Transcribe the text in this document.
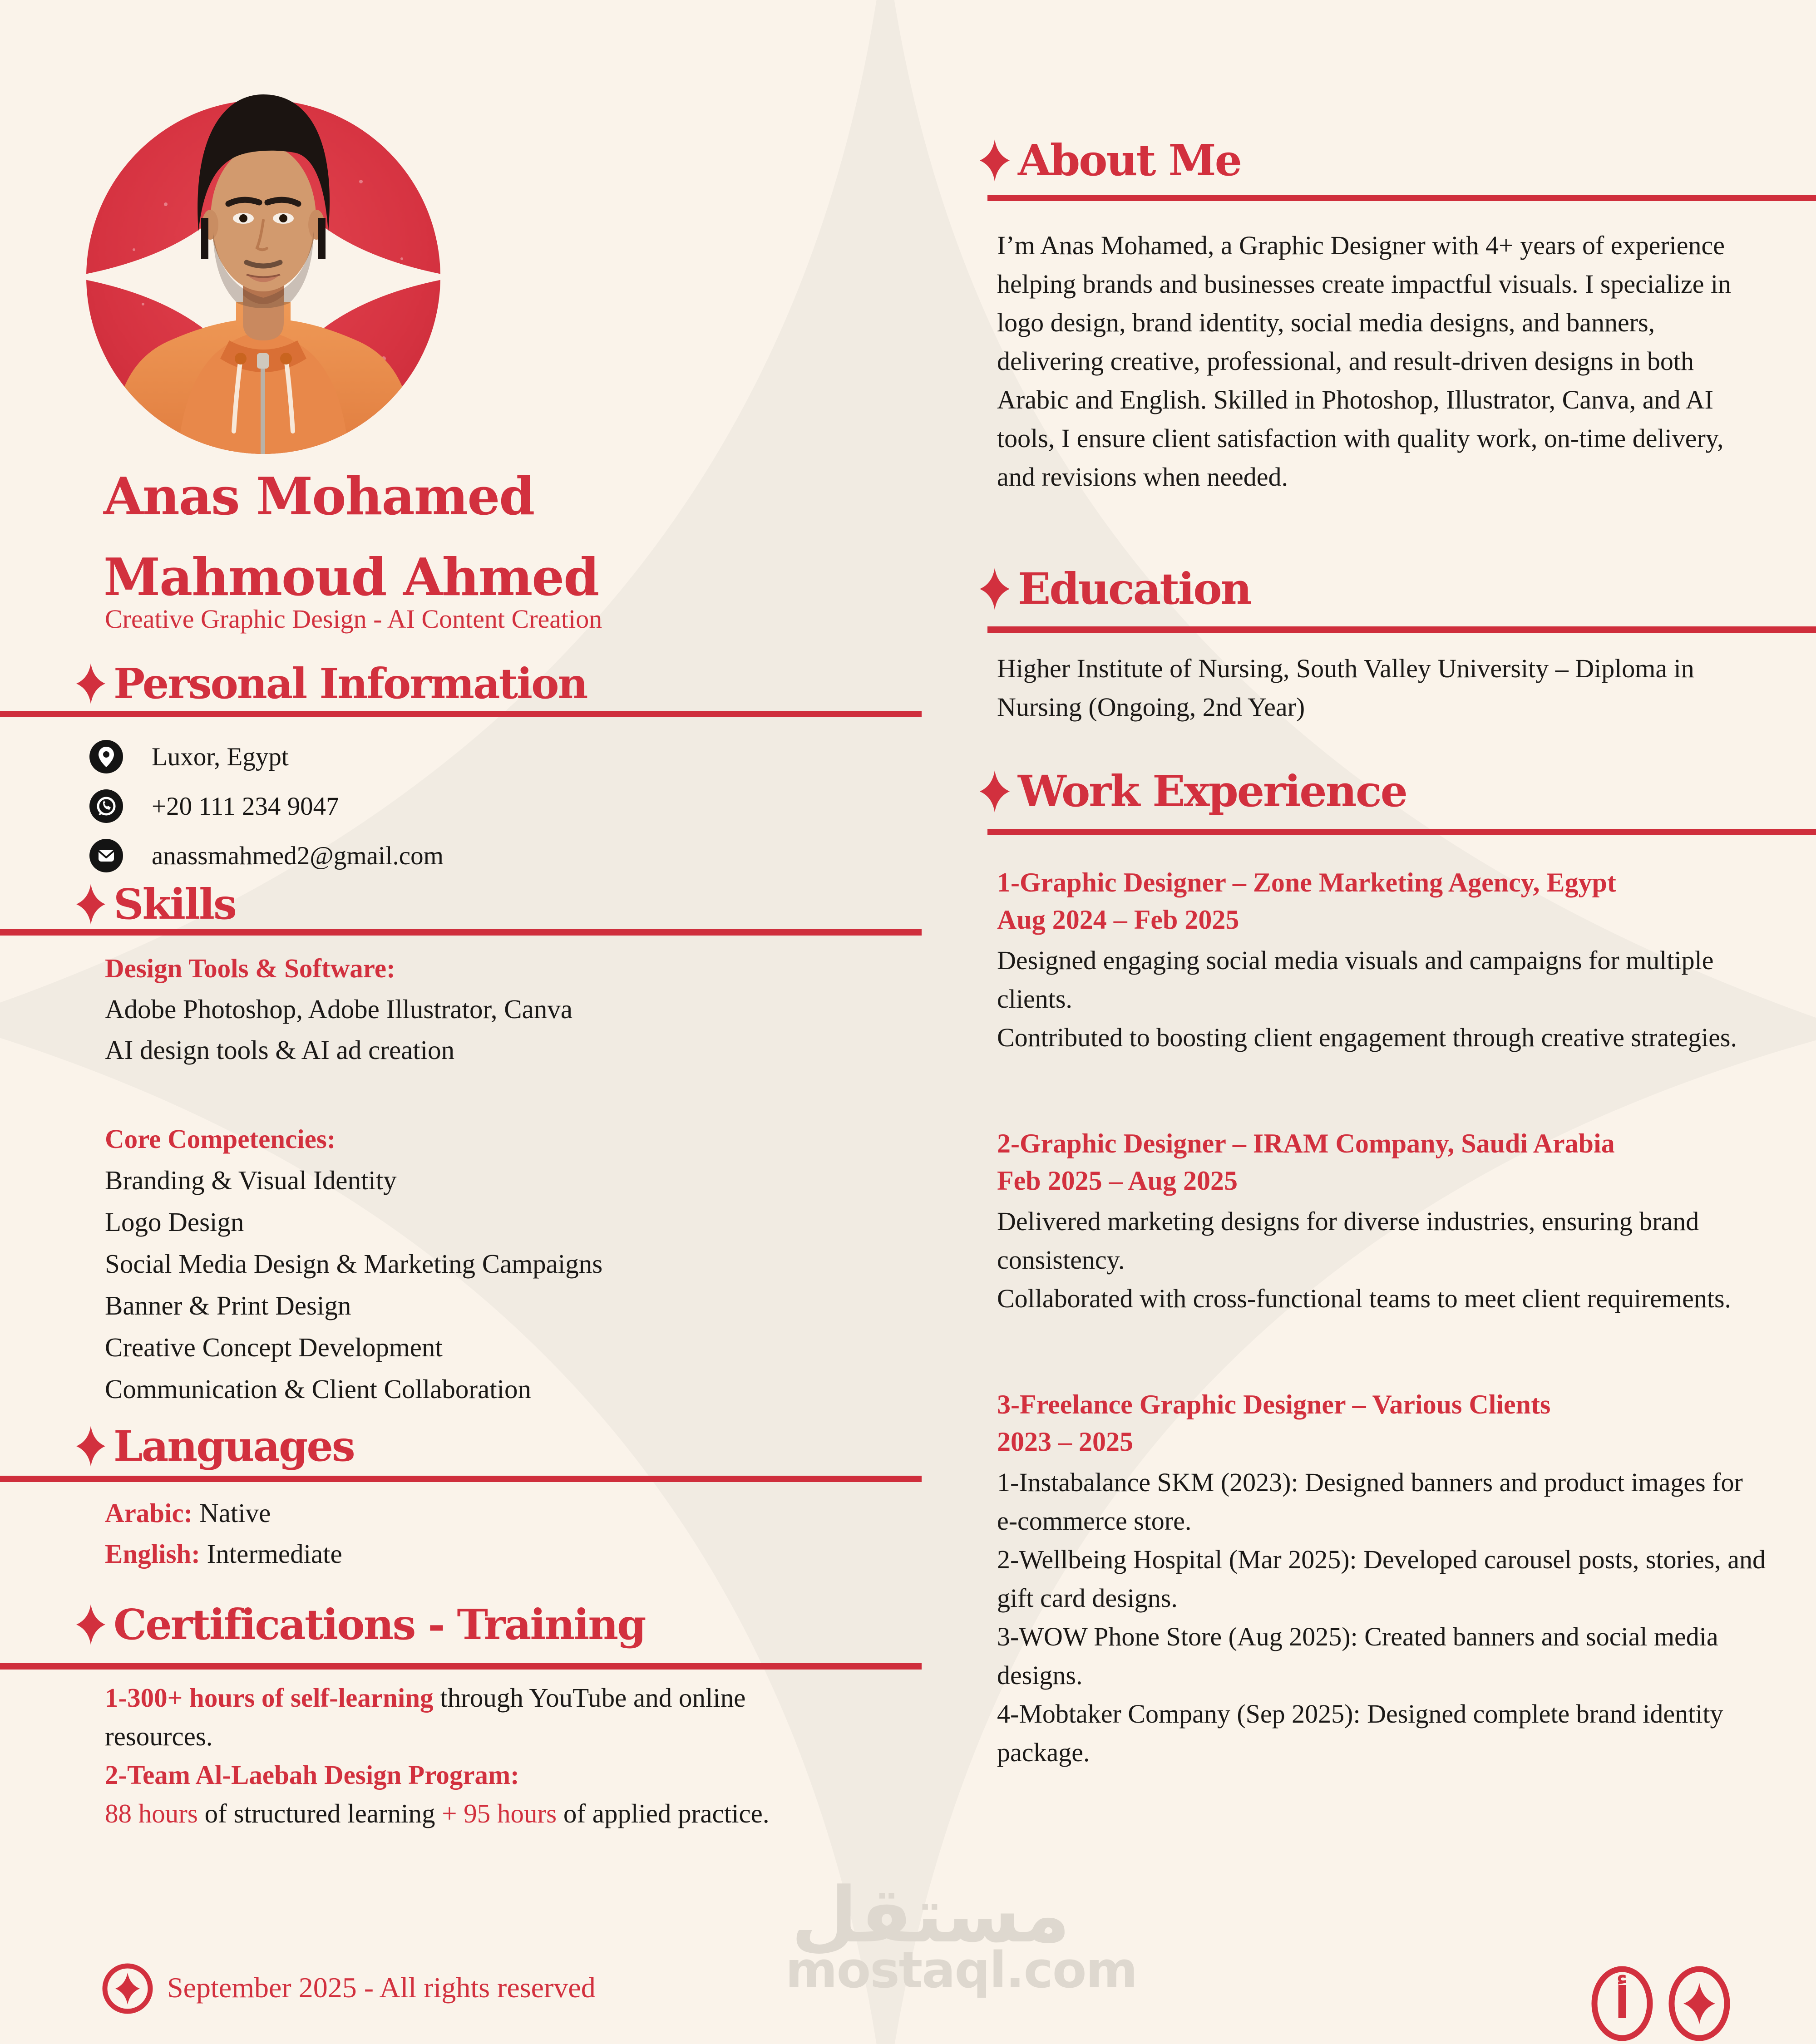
Anas Mohamed
Mahmoud Ahmed
Creative Graphic Design - AI Content Creation
Personal Information
Luxor, Egypt
+20 111 234 9047
anassmahmed2@gmail.com
Skills
Design Tools & Software:
Adobe Photoshop, Adobe Illustrator, Canva
AI design tools & AI ad creation
Core Competencies:
Branding & Visual Identity
Logo Design
Social Media Design & Marketing Campaigns
Banner & Print Design
Creative Concept Development
Communication & Client Collaboration
Languages
Arabic: Native
English: Intermediate
Certifications - Training
1-300+ hours of self-learning through YouTube and online resources.
2-Team Al-Laebah Design Program:
88 hours of structured learning + 95 hours of applied practice.
About Me
I’m Anas Mohamed, a Graphic Designer with 4+ years of experience helping brands and businesses create impactful visuals. I specialize in logo design, brand identity, social media designs, and banners, delivering creative, professional, and result-driven designs in both Arabic and English. Skilled in Photoshop, Illustrator, Canva, and AI tools, I ensure client satisfaction with quality work, on-time delivery, and revisions when needed.
Education
Higher Institute of Nursing, South Valley University – Diploma in Nursing (Ongoing, 2nd Year)
Work Experience
1-Graphic Designer – Zone Marketing Agency, Egypt
Aug 2024 – Feb 2025

Designed engaging social media visuals and campaigns for multiple clients.

Contributed to boosting client engagement through creative strategies.

2-Graphic Designer – IRAM Company, Saudi Arabia
Feb 2025 – Aug 2025

Delivered marketing designs for diverse industries, ensuring brand consistency.

Collaborated with cross-functional teams to meet client requirements.

3-Freelance Graphic Designer – Various Clients
2023 – 2025

1-Instabalance SKM (2023): Designed banners and product images for e-commerce store.

2-Wellbeing Hospital (Mar 2025): Developed carousel posts, stories, and gift card designs.

3-WOW Phone Store (Aug 2025): Created banners and social media designs.

4-Mobtaker Company (Sep 2025): Designed complete brand identity package.

September 2025 - All rights reserved
مستقل
mostaql.com
أ
